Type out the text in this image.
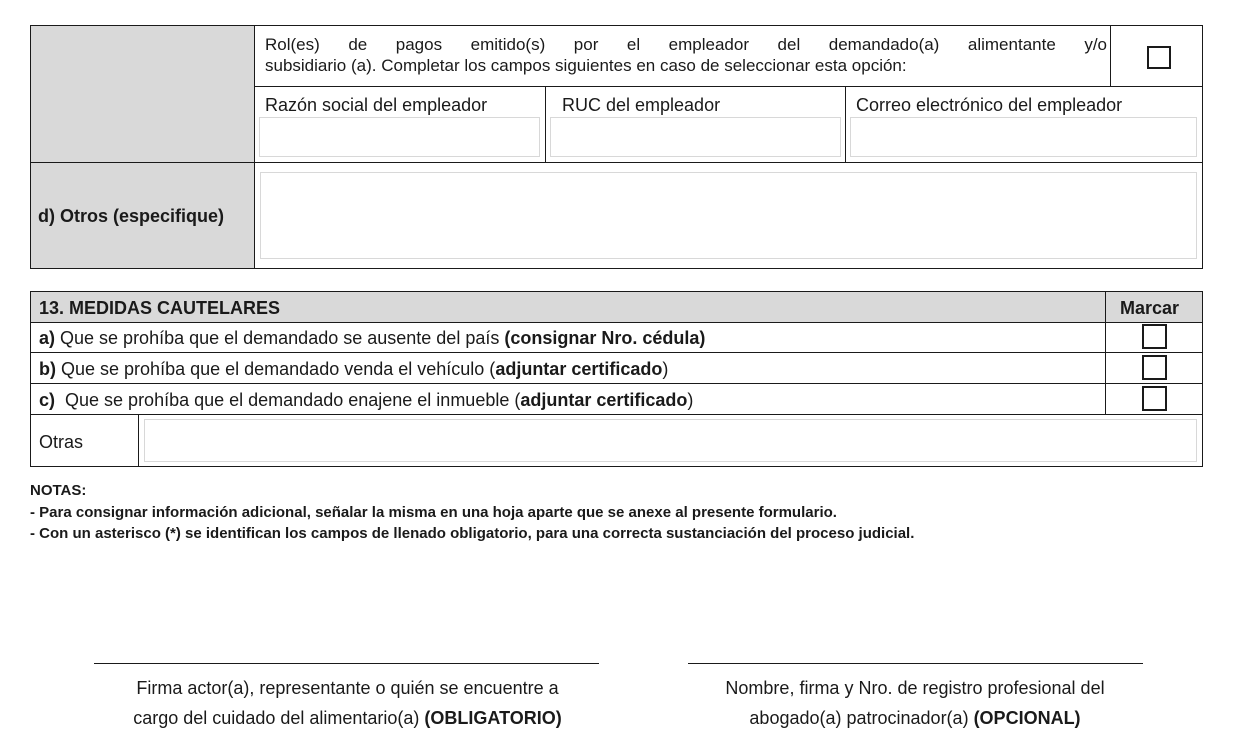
Rol(es) de pagos emitido(s) por el empleador del demandado(a) alimentante y/o
subsidiario (a). Completar los campos siguientes en caso de seleccionar esta opción:
Razón social del empleador	RUC del empleador	Correo electrónico del empleador
d) Otros (especifique)
13. MEDIDAS CAUTELARES	Marcar
a) Que se prohíba que el demandado se ausente del país (consignar Nro. cédula)
b) Que se prohíba que el demandado venda el vehículo (adjuntar certificado)
c)  Que se prohíba que el demandado enajene el inmueble (adjuntar certificado)
Otras
NOTAS:
- Para consignar información adicional, señalar la misma en una hoja aparte que se anexe al presente formulario.
- Con un asterisco (*) se identifican los campos de llenado obligatorio, para una correcta sustanciación del proceso judicial.
Firma actor(a), representante o quién se encuentre a
cargo del cuidado del alimentario(a) (OBLIGATORIO)
Nombre, firma y Nro. de registro profesional del
abogado(a) patrocinador(a) (OPCIONAL)
